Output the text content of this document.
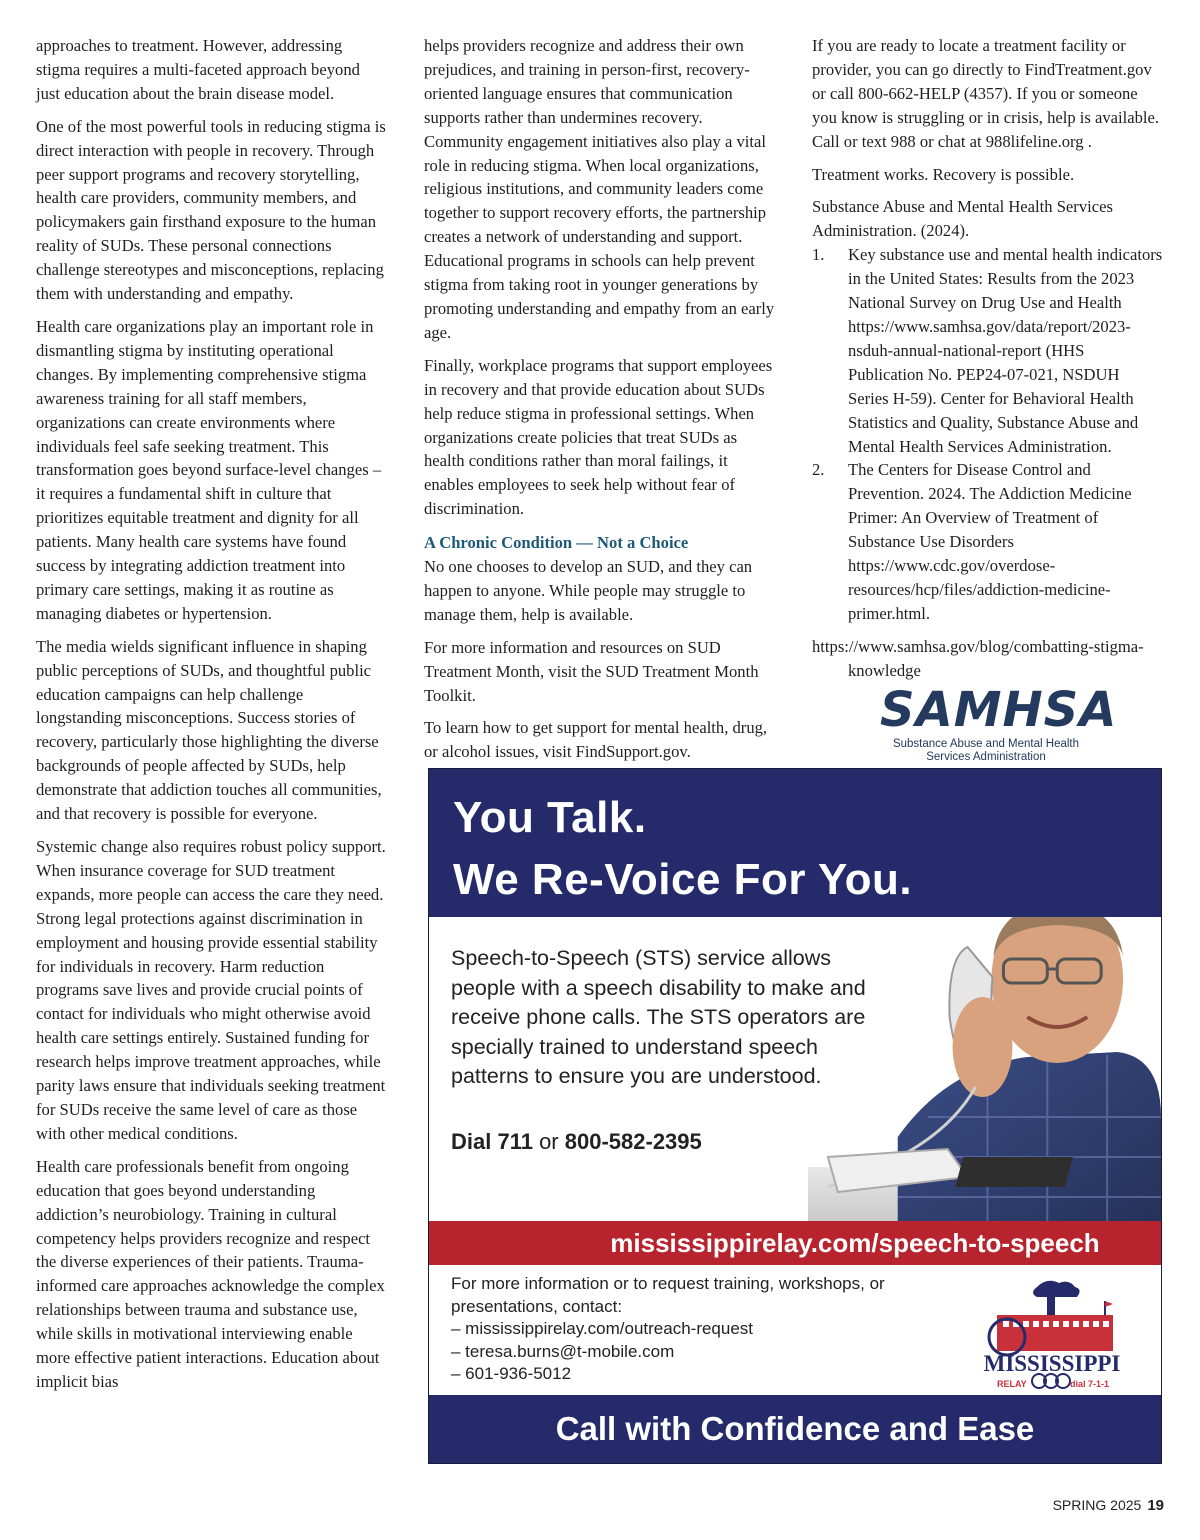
approaches to treatment. However, addressing stigma requires a multi-faceted approach beyond just education about the brain disease model.

One of the most powerful tools in reducing stigma is direct interaction with people in recovery. Through peer support programs and recovery storytelling, health care providers, community members, and policymakers gain firsthand exposure to the human reality of SUDs. These personal connections challenge stereotypes and misconceptions, replacing them with understanding and empathy.

Health care organizations play an important role in dismantling stigma by instituting operational changes. By implementing comprehensive stigma awareness training for all staff members, organizations can create environments where individuals feel safe seeking treatment. This transformation goes beyond surface-level changes – it requires a fundamental shift in culture that prioritizes equitable treatment and dignity for all patients. Many health care systems have found success by integrating addiction treatment into primary care settings, making it as routine as managing diabetes or hypertension.

The media wields significant influence in shaping public perceptions of SUDs, and thoughtful public education campaigns can help challenge longstanding misconceptions. Success stories of recovery, particularly those highlighting the diverse backgrounds of people affected by SUDs, help demonstrate that addiction touches all communities, and that recovery is possible for everyone.

Systemic change also requires robust policy support. When insurance coverage for SUD treatment expands, more people can access the care they need. Strong legal protections against discrimination in employment and housing provide essential stability for individuals in recovery. Harm reduction programs save lives and provide crucial points of contact for individuals who might otherwise avoid health care settings entirely. Sustained funding for research helps improve treatment approaches, while parity laws ensure that individuals seeking treatment for SUDs receive the same level of care as those with other medical conditions.

Health care professionals benefit from ongoing education that goes beyond understanding addiction’s neurobiology. Training in cultural competency helps providers recognize and respect the diverse experiences of their patients. Trauma-informed care approaches acknowledge the complex relationships between trauma and substance use, while skills in motivational interviewing enable more effective patient interactions. Education about implicit bias

helps providers recognize and address their own prejudices, and training in person-first, recovery-oriented language ensures that communication supports rather than undermines recovery. Community engagement initiatives also play a vital role in reducing stigma. When local organizations, religious institutions, and community leaders come together to support recovery efforts, the partnership creates a network of understanding and support. Educational programs in schools can help prevent stigma from taking root in younger generations by promoting understanding and empathy from an early age.

Finally, workplace programs that support employees in recovery and that provide education about SUDs help reduce stigma in professional settings. When organizations create policies that treat SUDs as health conditions rather than moral failings, it enables employees to seek help without fear of discrimination.

A Chronic Condition — Not a Choice

No one chooses to develop an SUD, and they can happen to anyone. While people may struggle to manage them, help is available.

For more information and resources on SUD Treatment Month, visit the SUD Treatment Month Toolkit.

To learn how to get support for mental health, drug, or alcohol issues, visit FindSupport.gov.

If you are ready to locate a treatment facility or provider, you can go directly to FindTreatment.gov or call 800-662-HELP (4357). If you or someone you know is struggling or in crisis, help is available. Call or text 988 or chat at 988lifeline.org .

Treatment works. Recovery is possible.

Substance Abuse and Mental Health Services Administration. (2024).

1. Key substance use and mental health indicators in the United States: Results from the 2023 National Survey on Drug Use and Health https://www.samhsa.gov/data/report/2023-nsduh-annual-national-report (HHS Publication No. PEP24-07-021, NSDUH Series H-59). Center for Behavioral Health Statistics and Quality, Substance Abuse and Mental Health Services Administration.
2. The Centers for Disease Control and Prevention. 2024. The Addiction Medicine Primer: An Overview of Treatment of Substance Use Disorders https://www.cdc.gov/overdose-resources/hcp/files/addiction-medicine-primer.html.

https://www.samhsa.gov/blog/combatting-stigma-knowledge

SAMHSA
Substance Abuse and Mental Health
Services Administration
You Talk.
We Re-Voice For You.
Speech-to-Speech (STS) service allows people with a speech disability to make and receive phone calls. The STS operators are specially trained to understand speech patterns to ensure you are understood.
Dial 711 or 800-582-2395
mississippirelay.com/speech-to-speech
For more information or to request training, workshops, or presentations, contact:
– mississippirelay.com/outreach-request
– teresa.burns@t-mobile.com
– 601-936-5012	MISSISSIPPI
RELAY	dial 7-1-1
Call with Confidence and Ease
SPRING 2025 19
